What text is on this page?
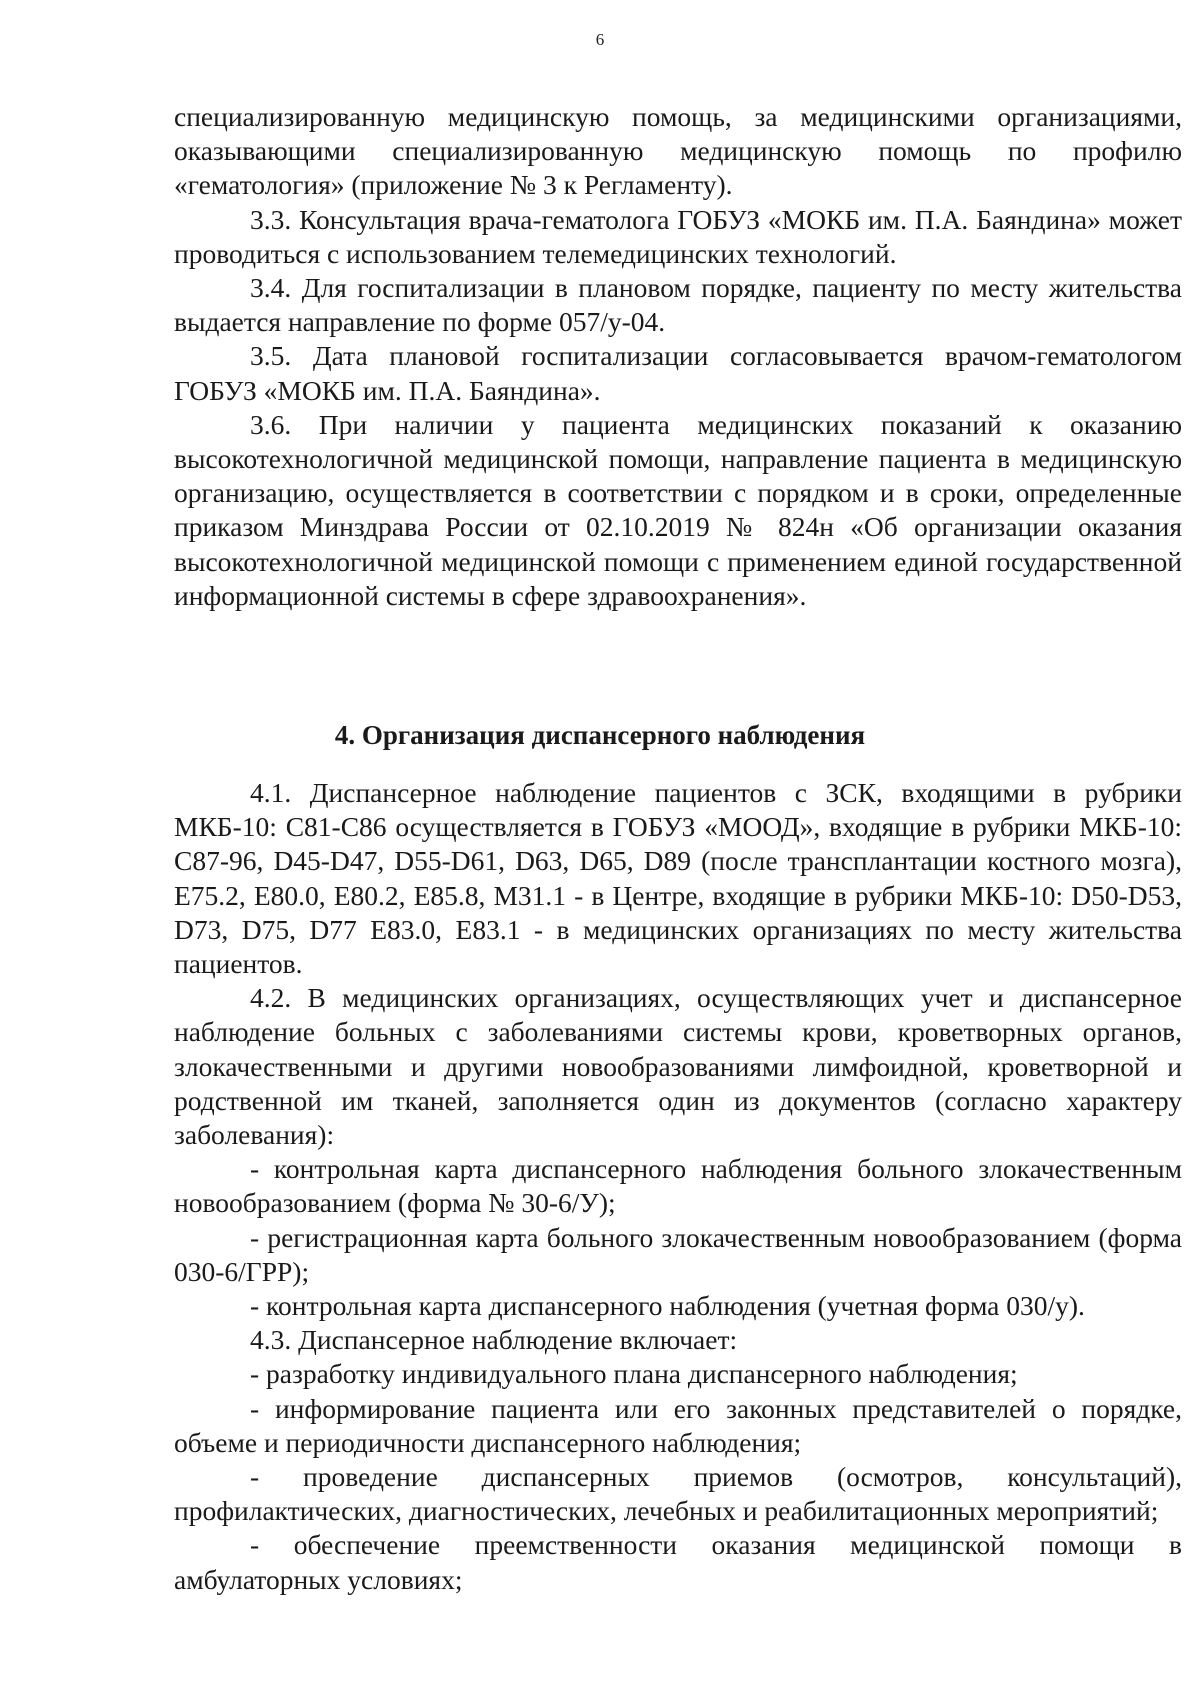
6

специализированную медицинскую помощь, за медицинскими организациями, оказывающими специализированную медицинскую помощь по профилю «гематология» (приложение № 3 к Регламенту).

3.3. Консультация врача-гематолога ГОБУЗ «МОКБ им. П.А. Баяндина» может проводиться с использованием телемедицинских технологий.

3.4. Для госпитализации в плановом порядке, пациенту по месту жительства выдается направление по форме 057/у-04.

3.5. Дата плановой госпитализации согласовывается врачом-гематологом ГОБУЗ «МОКБ им. П.А. Баяндина».

3.6. При наличии у пациента медицинских показаний к оказанию высокотехнологичной медицинской помощи, направление пациента в медицинскую организацию, осуществляется в соответствии с порядком и в сроки, определенные приказом Минздрава России от 02.10.2019 № 824н «Об организации оказания высокотехнологичной медицинской помощи с применением единой государственной информационной системы в сфере здравоохранения».

4. Организация диспансерного наблюдения

4.1. Диспансерное наблюдение пациентов с ЗСК, входящими в рубрики МКБ-10: С81-С86 осуществляется в ГОБУЗ «МООД», входящие в рубрики МКБ-10: С87-96, D45-D47, D55-D61, D63, D65, D89 (после трансплантации костного мозга), Е75.2, Е80.0, Е80.2, Е85.8, М31.1 - в Центре, входящие в рубрики МКБ-10: D50-D53, D73, D75, D77 Е83.0, Е83.1 - в медицинских организациях по месту жительства пациентов.

4.2. В медицинских организациях, осуществляющих учет и диспансерное наблюдение больных с заболеваниями системы крови, кроветворных органов, злокачественными и другими новообразованиями лимфоидной, кроветворной и родственной им тканей, заполняется один из документов (согласно характеру заболевания):

- контрольная карта диспансерного наблюдения больного злокачественным новообразованием (форма № 30-6/У);

- регистрационная карта больного злокачественным новообразованием (форма 030-6/ГРР);

- контрольная карта диспансерного наблюдения (учетная форма 030/у).

4.3. Диспансерное наблюдение включает:

- разработку индивидуального плана диспансерного наблюдения;

- информирование пациента или его законных представителей о порядке, объеме и периодичности диспансерного наблюдения;

- проведение диспансерных приемов (осмотров, консультаций), профилактических, диагностических, лечебных и реабилитационных мероприятий;

- обеспечение преемственности оказания медицинской помощи в амбулаторных условиях;
